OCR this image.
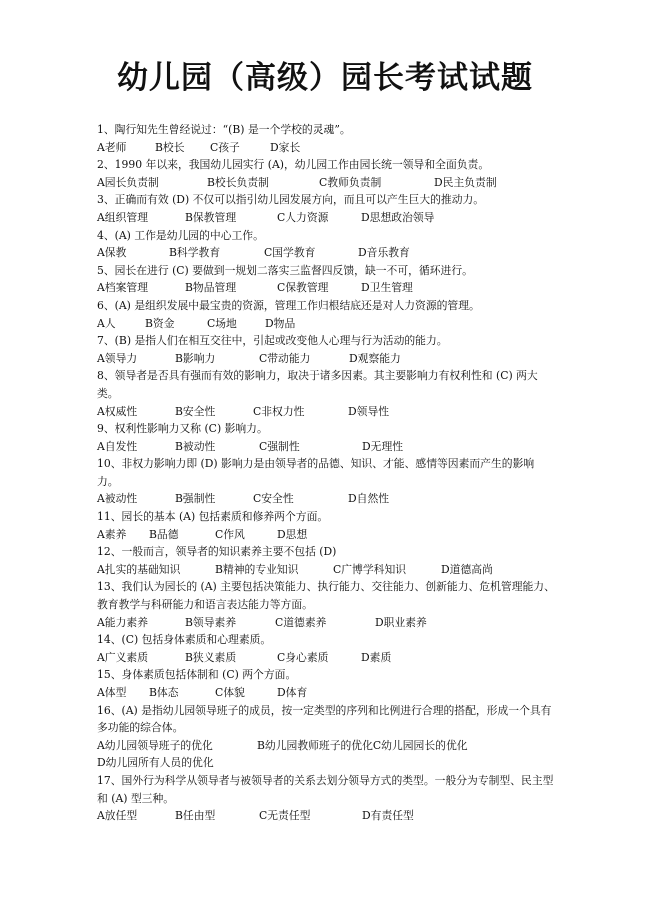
幼儿园（高级）园长考试试题

1、陶行知先生曾经说过：“(B) 是一个学校的灵魂”。

A老师	B校长	C孩子	D家长

2、1990 年以来，我国幼儿园实行 (A)，幼儿园工作由园长统一领导和全面负责。

A园长负责制	B校长负责制	C教师负责制	D民主负责制

3、正确而有效 (D) 不仅可以指引幼儿园发展方向，而且可以产生巨大的推动力。

A组织管理	B保教管理	C人力资源	D思想政治领导

4、(A) 工作是幼儿园的中心工作。

A保教	B科学教育	C国学教育	D音乐教育

5、园长在进行 (C) 要做到一规划二落实三监督四反馈，缺一不可，循环进行。

A档案管理	B物品管理	C保教管理	D卫生管理

6、(A) 是组织发展中最宝贵的资源，管理工作归根结底还是对人力资源的管理。

A人	B资金	C场地	D物品

7、(B) 是指人们在相互交往中，引起或改变他人心理与行为活动的能力。

A领导力	B影响力	C带动能力	D观察能力

8、领导者是否具有强而有效的影响力，取决于诸多因素。其主要影响力有权利性和 (C) 两大类。

A权威性	B安全性	C非权力性	D领导性

9、权利性影响力又称 (C) 影响力。

A自发性	B被动性	C强制性	D无理性

10、非权力影响力即 (D) 影响力是由领导者的品德、知识、才能、感情等因素而产生的影响力。

A被动性	B强制性	C安全性	D自然性

11、园长的基本 (A) 包括素质和修养两个方面。

A素养	B品德	C作风	D思想

12、一般而言，领导者的知识素养主要不包括 (D)

A扎实的基础知识	B精神的专业知识	C广博学科知识	D道德高尚

13、我们认为园长的 (A) 主要包括决策能力、执行能力、交往能力、创新能力、危机管理能力、教育教学与科研能力和语言表达能力等方面。

A能力素养	B领导素养	C道德素养	D职业素养

14、(C) 包括身体素质和心理素质。

A广义素质	B狭义素质	C身心素质	D素质

15、身体素质包括体制和 (C) 两个方面。

A体型	B体态	C体貌	D体育

16、(A) 是指幼儿园领导班子的成员，按一定类型的序列和比例进行合理的搭配，形成一个具有多功能的综合体。

A幼儿园领导班子的优化	B幼儿园教师班子的优化 C幼儿园园长的优化
D幼儿园所有人员的优化

17、国外行为科学从领导者与被领导者的关系去划分领导方式的类型。一般分为专制型、民主型和 (A) 型三种。

A放任型	B任由型	C无责任型	D有责任型
